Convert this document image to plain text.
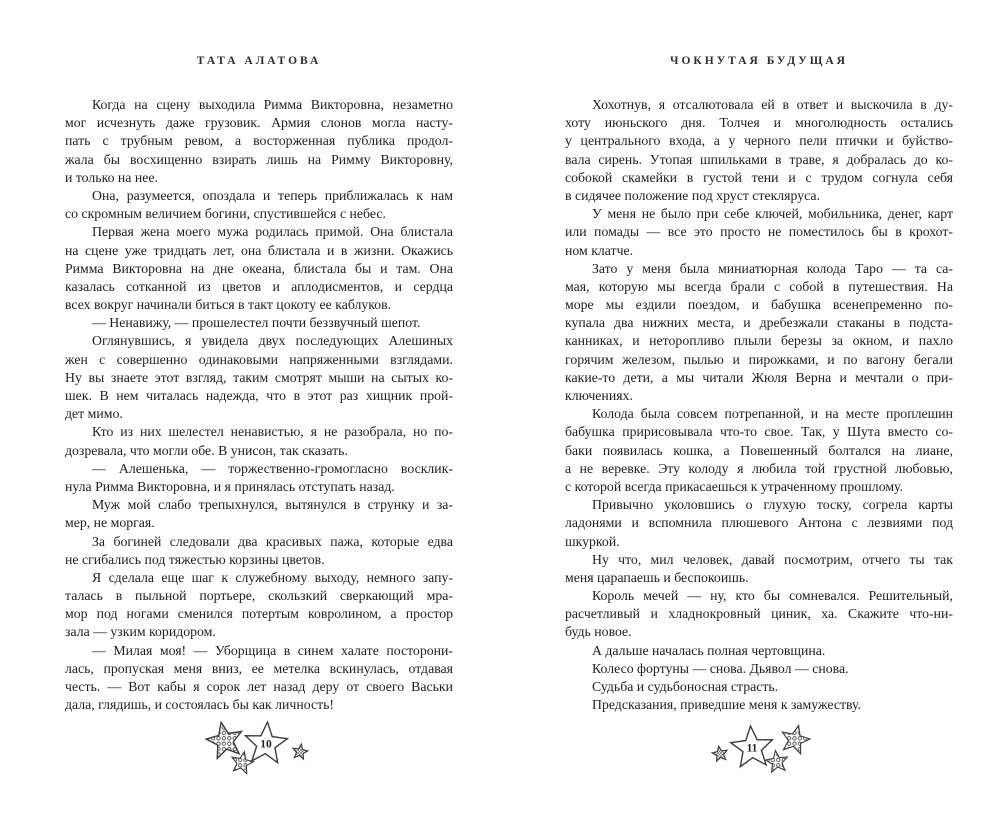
ТАТА АЛАТОВА
Когда на сцену выходила Римма Викторовна, незаметно
мог исчезнуть даже грузовик. Армия слонов могла насту-
пать с трубным ревом, а восторженная публика продол-
жала бы восхищенно взирать лишь на Римму Викторовну,
и только на нее.
Она, разумеется, опоздала и теперь приближалась к нам
со скромным величием богини, спустившейся с небес.
Первая жена моего мужа родилась примой. Она блистала
на сцене уже тридцать лет, она блистала и в жизни. Окажись
Римма Викторовна на дне океана, блистала бы и там. Она
казалась сотканной из цветов и аплодисментов, и сердца
всех вокруг начинали биться в такт цокоту ее каблуков.
— Ненавижу, — прошелестел почти беззвучный шепот.
Оглянувшись, я увидела двух последующих Алешиных
жен с совершенно одинаковыми напряженными взглядами.
Ну вы знаете этот взгляд, таким смотрят мыши на сытых ко-
шек. В нем читалась надежда, что в этот раз хищник прой-
дет мимо.
Кто из них шелестел ненавистью, я не разобрала, но по-
дозревала, что могли обе. В унисон, так сказать.
— Алешенька, — торжественно-громогласно восклик-
нула Римма Викторовна, и я принялась отступать назад.
Муж мой слабо трепыхнулся, вытянулся в струнку и за-
мер, не моргая.
За богиней следовали два красивых пажа, которые едва
не сгибались под тяжестью корзины цветов.
Я сделала еще шаг к служебному выходу, немного запу-
талась в пыльной портьере, скользкий сверкающий мра-
мор под ногами сменился потертым ковролином, а простор
зала — узким коридором.
— Милая моя! — Уборщица в синем халате посторони-
лась, пропуская меня вниз, ее метелка вскинулась, отдавая
честь. — Вот кабы я сорок лет назад деру от своего Васьки
дала, глядишь, и состоялась бы как личность!
10
ЧОКНУТАЯ БУДУЩАЯ
Хохотнув, я отсалютовала ей в ответ и выскочила в ду-
хоту июньского дня. Толчея и многолюдность остались
у центрального входа, а у черного пели птички и буйство-
вала сирень. Утопая шпильками в траве, я добралась до ко-
собокой скамейки в густой тени и с трудом согнула себя
в сидячее положение под хруст стекляруса.
У меня не было при себе ключей, мобильника, денег, карт
или помады — все это просто не поместилось бы в крохот-
ном клатче.
Зато у меня была миниатюрная колода Таро — та са-
мая, которую мы всегда брали с собой в путешествия. На
море мы ездили поездом, и бабушка всенепременно по-
купала два нижних места, и дребезжали стаканы в подста-
канниках, и неторопливо плыли березы за окном, и пахло
горячим железом, пылью и пирожками, и по вагону бегали
какие-то дети, а мы читали Жюля Верна и мечтали о при-
ключениях.
Колода была совсем потрепанной, и на месте проплешин
бабушка пририсовывала что-то свое. Так, у Шута вместо со-
баки появилась кошка, а Повешенный болтался на лиане,
а не веревке. Эту колоду я любила той грустной любовью,
с которой всегда прикасаешься к утраченному прошлому.
Привычно уколовшись о глухую тоску, согрела карты
ладонями и вспомнила плюшевого Антона с лезвиями под
шкуркой.
Ну что, мил человек, давай посмотрим, отчего ты так
меня царапаешь и беспокоишь.
Король мечей — ну, кто бы сомневался. Решительный,
расчетливый и хладнокровный циник, ха. Скажите что-ни-
будь новое.
А дальше началась полная чертовщина.
Колесо фортуны — снова. Дьявол — снова.
Судьба и судьбоносная страсть.
Предсказания, приведшие меня к замужеству.
11
